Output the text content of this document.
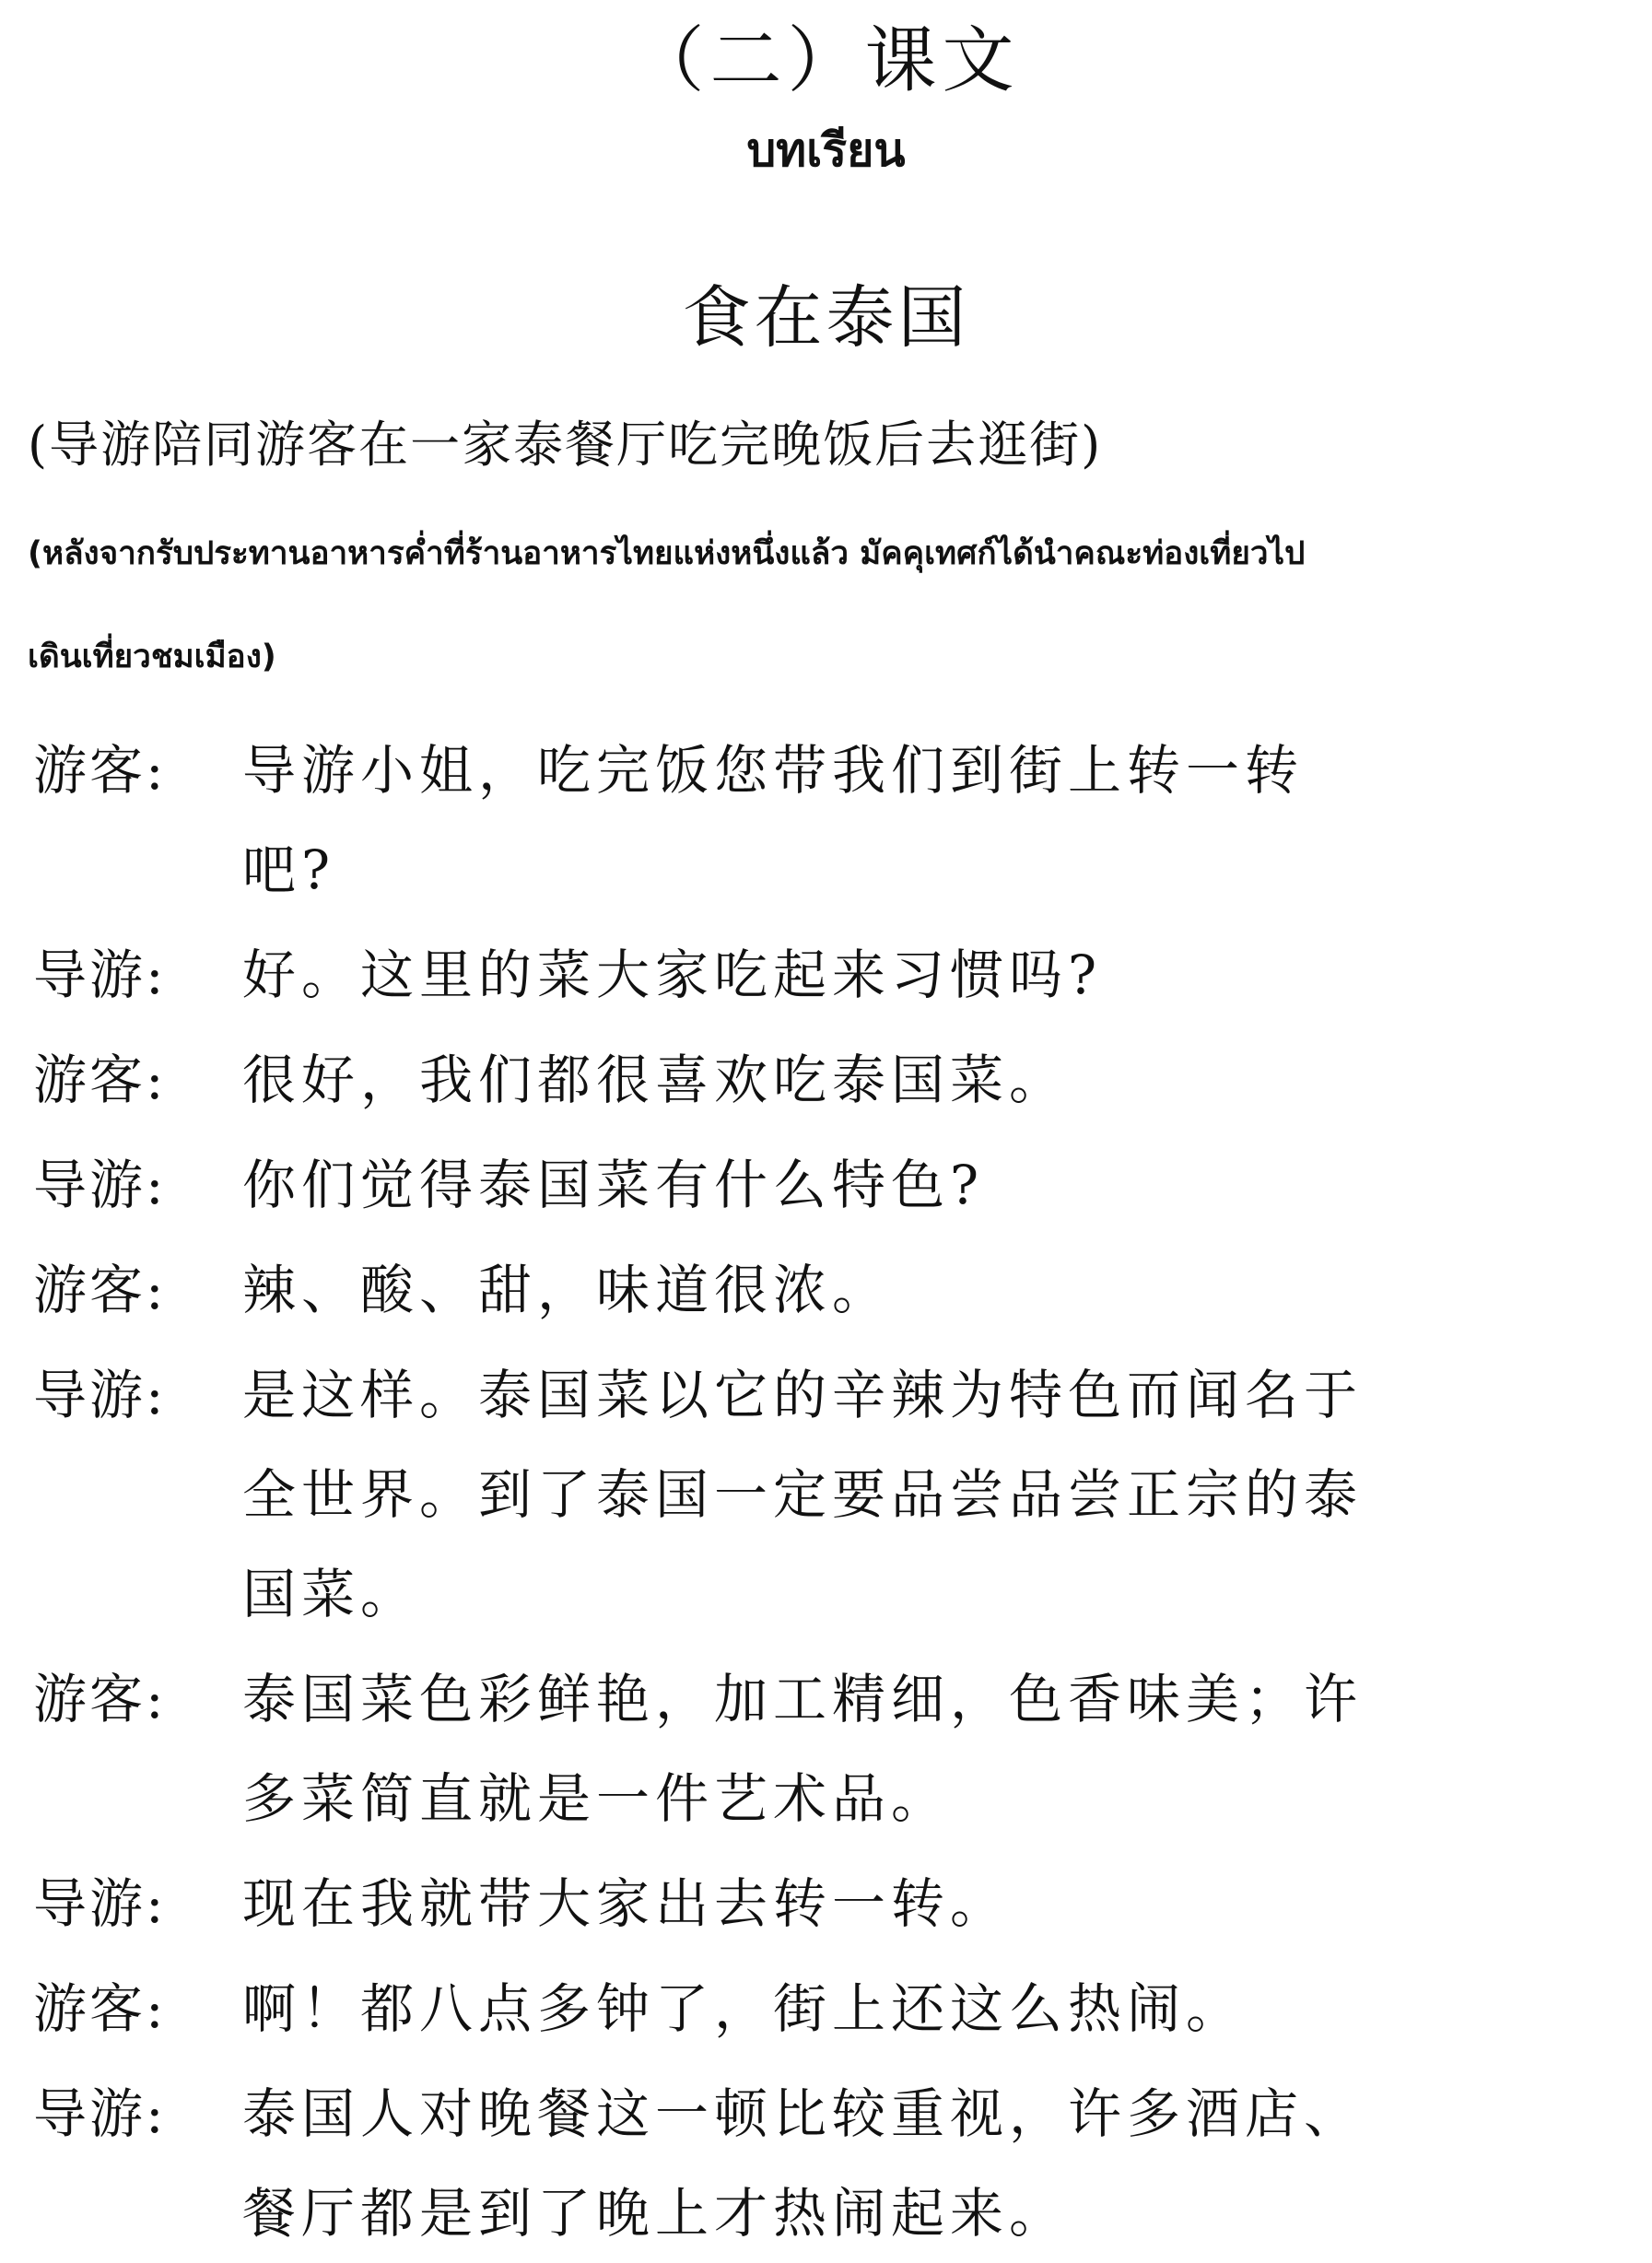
（二）课文
บทเรียน
食在泰国
(导游陪同游客在一家泰餐厅吃完晚饭后去逛街)
(หลังจากรับประทานอาหารค่ำที่ร้านอาหารไทยแห่งหนึ่งแล้ว มัคคุเทศก์ได้นำคณะท่องเที่ยวไป
เดินเที่ยวชมเมือง)
游客:	导游小姐，吃完饭您带我们到街上转一转
吧?
导游:	好。这里的菜大家吃起来习惯吗?
游客:	很好，我们都很喜欢吃泰国菜。
导游:	你们觉得泰国菜有什么特色?
游客:	辣、酸、甜，味道很浓。
导游:	是这样。泰国菜以它的辛辣为特色而闻名于
全世界。到了泰国一定要品尝品尝正宗的泰
国菜。
游客:	泰国菜色彩鲜艳，加工精细，色香味美；许
多菜简直就是一件艺术品。
导游:	现在我就带大家出去转一转。
游客:	啊！都八点多钟了，街上还这么热闹。
导游:	泰国人对晚餐这一顿比较重视，许多酒店、
餐厅都是到了晚上才热闹起来。
